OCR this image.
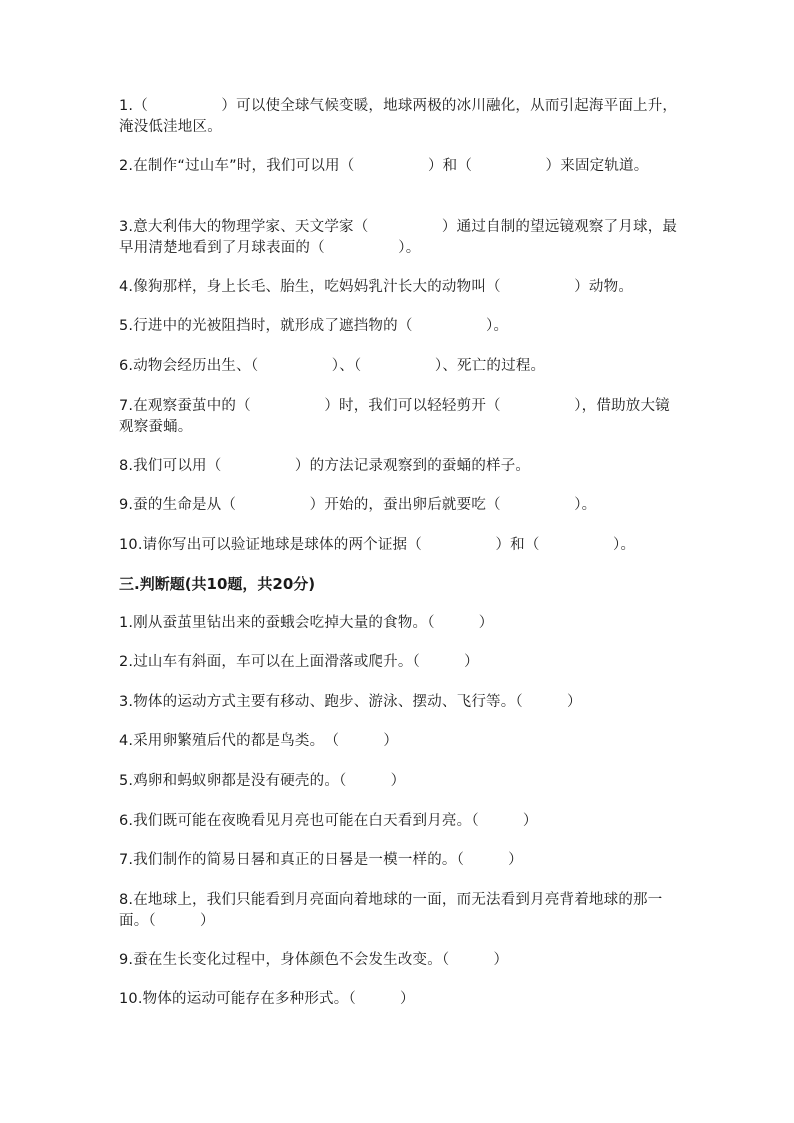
1.（　　　　　）可以使全球气候变暖，地球两极的冰川融化，从而引起海平面上升，淹没低洼地区。

2.在制作“过山车”时，我们可以用（　　　　　）和（　　　　　）来固定轨道。

3.意大利伟大的物理学家、天文学家（　　　　　）通过自制的望远镜观察了月球，最早用清楚地看到了月球表面的（　　　　　）。

4.像狗那样，身上长毛、胎生，吃妈妈乳汁长大的动物叫（　　　　　）动物。

5.行进中的光被阻挡时，就形成了遮挡物的（　　　　　）。

6.动物会经历出生、（　　　　　）、（　　　　　）、死亡的过程。

7.在观察蚕茧中的（　　　　　）时，我们可以轻轻剪开（　　　　　），借助放大镜观察蚕蛹。

8.我们可以用（　　　　　）的方法记录观察到的蚕蛹的样子。

9.蚕的生命是从（　　　　　）开始的，蚕出卵后就要吃（　　　　　）。

10.请你写出可以验证地球是球体的两个证据（　　　　　）和（　　　　　）。

三.判断题(共10题，共20分)

1.刚从蚕茧里钻出来的蚕蛾会吃掉大量的食物。（　　　）

2.过山车有斜面，车可以在上面滑落或爬升。（　　　）

3.物体的运动方式主要有移动、跑步、游泳、摆动、飞行等。（　　　）

4.采用卵繁殖后代的都是鸟类。　（　　　）

5.鸡卵和蚂蚁卵都是没有硬壳的。（　　　）

6.我们既可能在夜晚看见月亮也可能在白天看到月亮。（　　　）

7.我们制作的简易日晷和真正的日晷是一模一样的。（　　　）

8.在地球上，我们只能看到月亮面向着地球的一面，而无法看到月亮背着地球的那一面。（　　　）

9.蚕在生长变化过程中，身体颜色不会发生改变。（　　　）

10.物体的运动可能存在多种形式。（　　　）
